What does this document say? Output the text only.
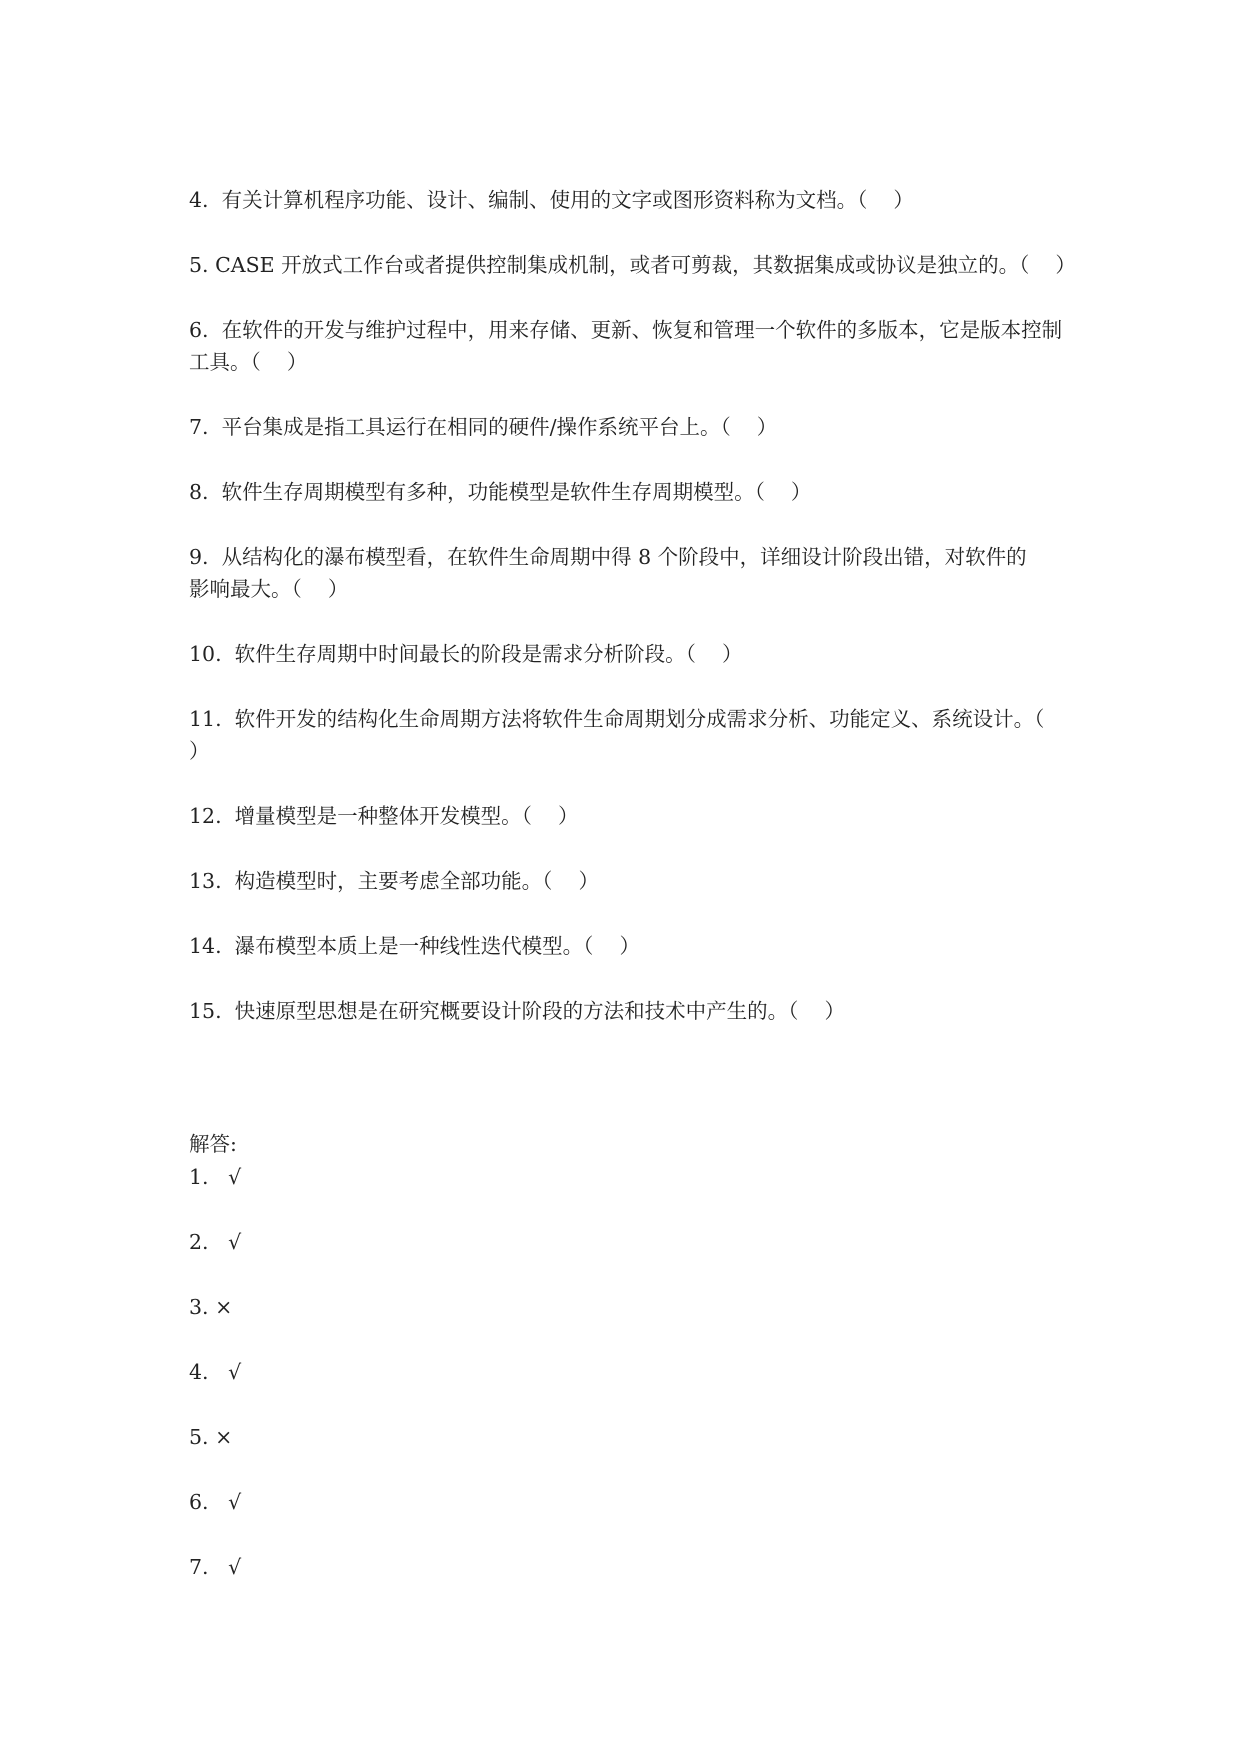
4.  有关计算机程序功能、设计、编制、使用的文字或图形资料称为文档。（    ）
5. CASE 开放式工作台或者提供控制集成机制，或者可剪裁，其数据集成或协议是独立的。（    ）
6.  在软件的开发与维护过程中，用来存储、更新、恢复和管理一个软件的多版本，它是版本控制工具。（    ）
7.  平台集成是指工具运行在相同的硬件/操作系统平台上。（    ）
8.  软件生存周期模型有多种，功能模型是软件生存周期模型。（    ）
9.  从结构化的瀑布模型看，在软件生命周期中得 8 个阶段中，详细设计阶段出错，对软件的
影响最大。（    ）
10.  软件生存周期中时间最长的阶段是需求分析阶段。（    ）
11.  软件开发的结构化生命周期方法将软件生命周期划分成需求分析、功能定义、系统设计。（    ）
12.  增量模型是一种整体开发模型。（    ）
13.  构造模型时，主要考虑全部功能。（    ）
14.  瀑布模型本质上是一种线性迭代模型。（    ）
15.  快速原型思想是在研究概要设计阶段的方法和技术中产生的。（    ）
解答:
1.   √
2.   √
3. ×
4.   √
5. ×
6.   √
7.   √
